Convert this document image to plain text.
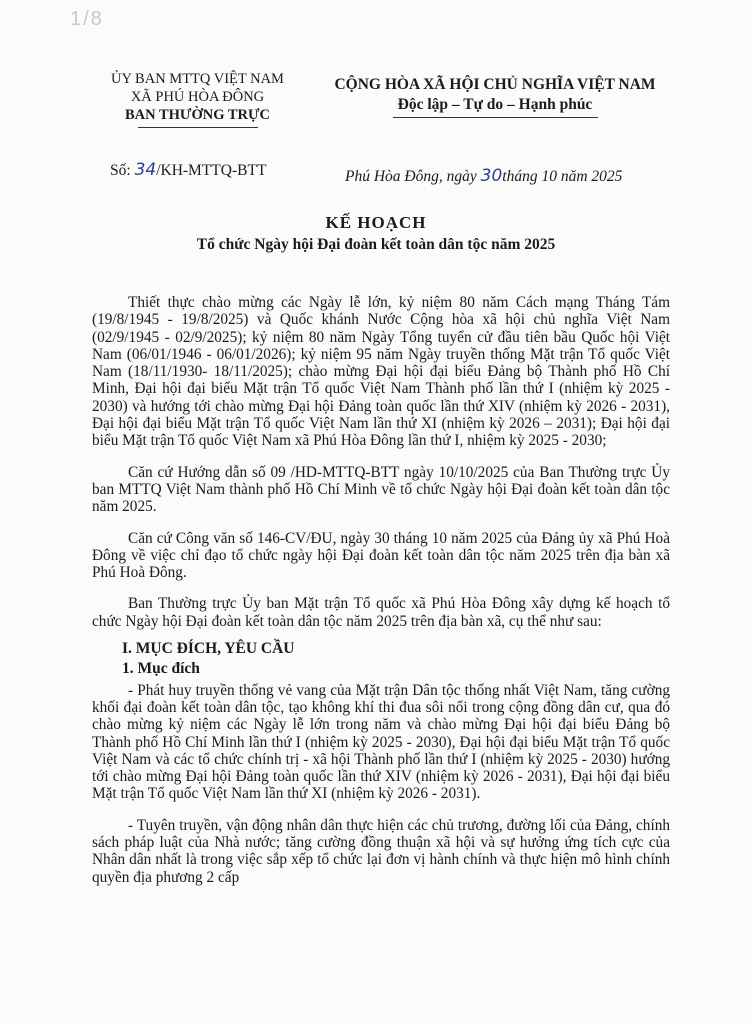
1/8
ỦY BAN MTTQ VIỆT NAM
XÃ PHÚ HÒA ĐÔNG
BAN THƯỜNG TRỰC
CỘNG HÒA XÃ HỘI CHỦ NGHĨA VIỆT NAM
Độc lập – Tự do – Hạnh phúc
Số: 34/KH-MTTQ-BTT	Phú Hòa Đông, ngày 30tháng 10 năm 2025
KẾ HOẠCH
Tổ chức Ngày hội Đại đoàn kết toàn dân tộc năm 2025

Thiết thực chào mừng các Ngày lễ lớn, kỷ niệm 80 năm Cách mạng Tháng Tám (19/8/1945 - 19/8/2025) và Quốc khánh Nước Cộng hòa xã hội chủ nghĩa Việt Nam (02/9/1945 - 02/9/2025); kỷ niệm 80 năm Ngày Tổng tuyển cử đầu tiên bầu Quốc hội Việt Nam (06/01/1946 - 06/01/2026); kỷ niệm 95 năm Ngày truyền thống Mặt trận Tổ quốc Việt Nam (18/11/1930- 18/11/2025); chào mừng Đại hội đại biểu Đảng bộ Thành phố Hồ Chí Minh, Đại hội đại biểu Mặt trận Tổ quốc Việt Nam Thành phố lần thứ I (nhiệm kỳ 2025 - 2030) và hướng tới chào mừng Đại hội Đảng toàn quốc lần thứ XIV (nhiệm kỳ 2026 - 2031), Đại hội đại biểu Mặt trận Tổ quốc Việt Nam lần thứ XI (nhiệm kỳ 2026 – 2031); Đại hội đại biểu Mặt trận Tổ quốc Việt Nam xã Phú Hòa Đông lần thứ I, nhiệm kỳ 2025 - 2030;

Căn cứ Hướng dẫn số 09 /HD-MTTQ-BTT ngày 10/10/2025 của Ban Thường trực Ủy ban MTTQ Việt Nam thành phố Hồ Chí Minh về tổ chức Ngày hội Đại đoàn kết toàn dân tộc năm 2025.

Căn cứ Công văn số 146-CV/ĐU, ngày 30 tháng 10 năm 2025 của Đảng ủy xã Phú Hoà Đông về việc chỉ đạo tổ chức ngày hội Đại đoàn kết toàn dân tộc năm 2025 trên địa bàn xã Phú Hoà Đông.

Ban Thường trực Ủy ban Mặt trận Tổ quốc xã Phú Hòa Đông xây dựng kế hoạch tổ chức Ngày hội Đại đoàn kết toàn dân tộc năm 2025 trên địa bàn xã, cụ thể như sau:

I. MỤC ĐÍCH, YÊU CẦU
1. Mục đích

- Phát huy truyền thống vẻ vang của Mặt trận Dân tộc thống nhất Việt Nam, tăng cường khối đại đoàn kết toàn dân tộc, tạo không khí thi đua sôi nổi trong cộng đồng dân cư, qua đó chào mừng kỷ niệm các Ngày lễ lớn trong năm và chào mừng Đại hội đại biểu Đảng bộ Thành phố Hồ Chí Minh lần thứ I (nhiệm kỳ 2025 - 2030), Đại hội đại biểu Mặt trận Tổ quốc Việt Nam và các tổ chức chính trị - xã hội Thành phố lần thứ I (nhiệm kỳ 2025 - 2030) hướng tới chào mừng Đại hội Đảng toàn quốc lần thứ XIV (nhiệm kỳ 2026 - 2031), Đại hội đại biểu Mặt trận Tổ quốc Việt Nam lần thứ XI (nhiệm kỳ 2026 - 2031).

- Tuyên truyền, vận động nhân dân thực hiện các chủ trương, đường lối của Đảng, chính sách pháp luật của Nhà nước; tăng cường đồng thuận xã hội và sự hưởng ứng tích cực của Nhân dân nhất là trong việc sắp xếp tổ chức lại đơn vị hành chính và thực hiện mô hình chính quyền địa phương 2 cấp
